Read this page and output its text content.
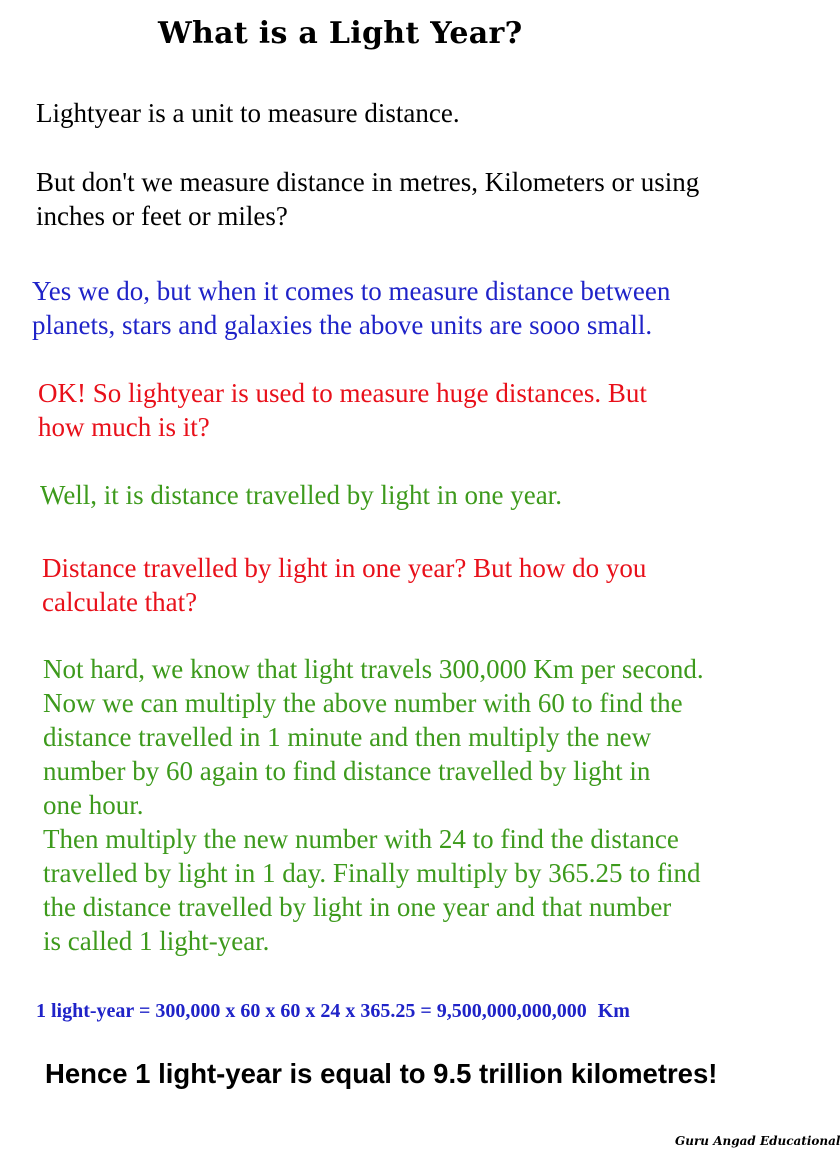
What is a Light Year?
Lightyear is a unit to measure distance.
But don't we measure distance in metres, Kilometers or using
inches or feet or miles?
Yes we do, but when it comes to measure distance between
planets, stars and galaxies the above units are sooo small.
OK! So lightyear is used to measure huge distances. But
how much is it?
Well, it is distance travelled by light in one year.
Distance travelled by light in one year? But how do you
calculate that?
Not hard, we know that light travels 300,000 Km per second.
Now we can multiply the above number with 60 to find the
distance travelled in 1 minute and then multiply the new
number by 60 again to find distance travelled by light in
one hour.
Then multiply the new number with 24 to find the distance
travelled by light in 1 day. Finally multiply by 365.25 to find
the distance travelled by light in one year and that number
is called 1 light-year.
1 light-year = 300,000 x 60 x 60 x 24 x 365.25 = 9,500,000,000,000 Km
Hence 1 light-year is equal to 9.5 trillion kilometres!
Guru Angad Educational
